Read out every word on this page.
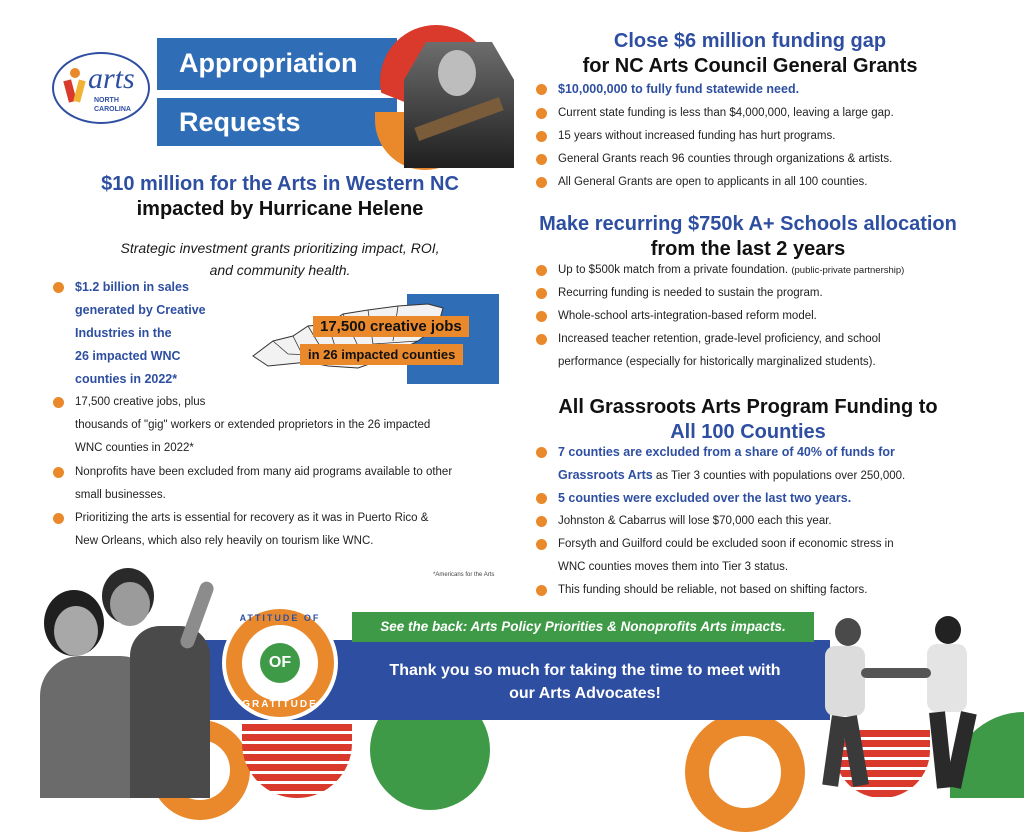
arts
NORTH
CAROLINA
Appropriation
Requests
$10 million for the Arts in Western NC
impacted by Hurricane Helene
Strategic investment grants prioritizing impact, ROI,
and community health.
$1.2 billion in sales
generated by Creative
Industries in the
26 impacted WNC
counties in 2022*
17,500 creative jobs
in 26 impacted counties
17,500 creative jobs, plus
thousands of "gig" workers or extended proprietors in the 26 impacted
WNC counties in 2022*
Nonprofits have been excluded from many aid programs available to other
small businesses.
Prioritizing the arts is essential for recovery as it was in Puerto Rico &
New Orleans, which also rely heavily on tourism like WNC.
*Americans for the Arts
Close $6 million funding gap
for NC Arts Council General Grants
$10,000,000 to fully fund statewide need.
Current state funding is less than $4,000,000, leaving a large gap.
15 years without increased funding has hurt programs.
General Grants reach 96 counties through organizations & artists.
All General Grants are open to applicants in all 100 counties.
Make recurring $750k A+ Schools allocation
from the last 2 years
Up to $500k match from a private foundation. (public-private partnership)
Recurring funding is needed to sustain the program.
Whole-school arts-integration-based reform model.
Increased teacher retention, grade-level proficiency, and school
performance (especially for historically marginalized students).
All Grassroots Arts Program Funding to
All 100 Counties
7 counties are excluded from a share of 40% of funds for
Grassroots Arts as Tier 3 counties with populations over 250,000.
5 counties were excluded over the last two years.
Johnston & Cabarrus will lose $70,000 each this year.
Forsyth and Guilford could be excluded soon if economic stress in
WNC counties moves them into Tier 3 status.
This funding should be reliable, not based on shifting factors.
See the back: Arts Policy Priorities & Nonoprofits Arts impacts.
Thank you so much for taking the time to meet with
our Arts Advocates!
ATTITUDE OF
OF
GRATITUDE
